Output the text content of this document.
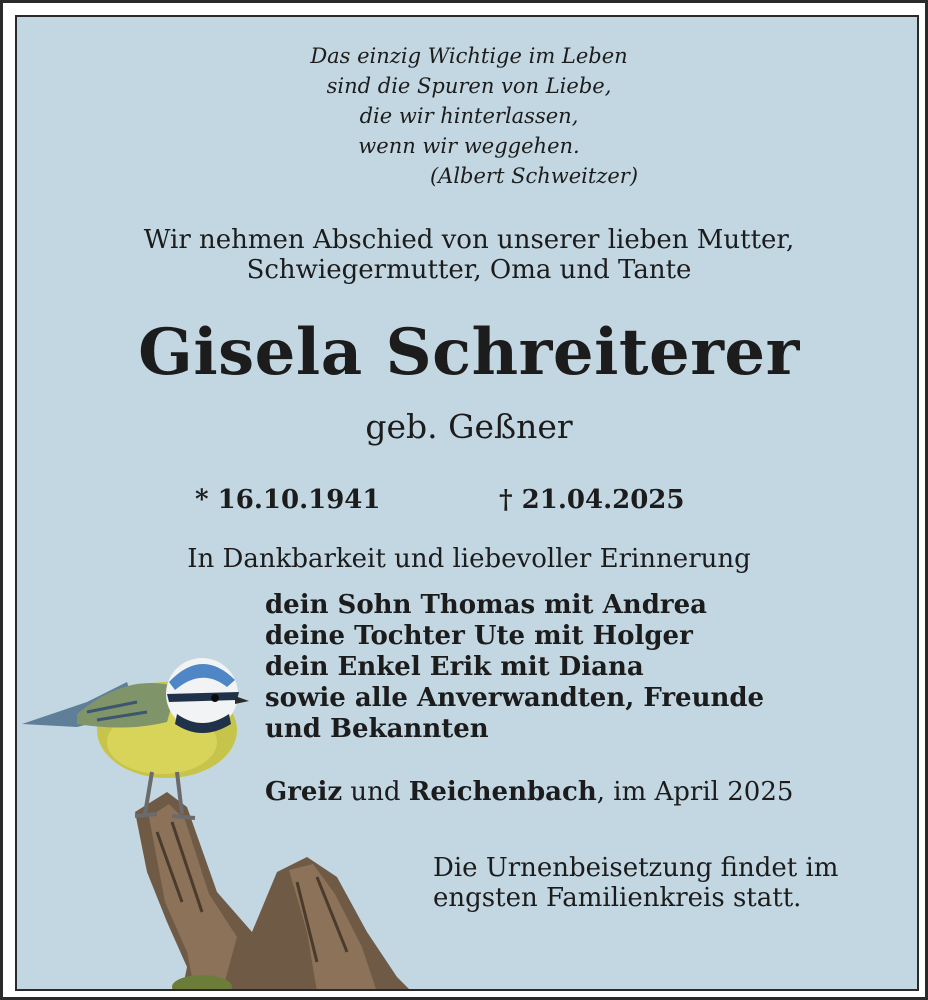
Das einzig Wichtige im Leben
sind die Spuren von Liebe,
die wir hinterlassen,
wenn wir weggehen.
(Albert Schweitzer)
Wir nehmen Abschied von unserer lieben Mutter,
Schwiegermutter, Oma und Tante
Gisela Schreiterer
geb. Geßner
* 16.10.1941	† 21.04.2025
In Dankbarkeit und liebevoller Erinnerung
dein Sohn Thomas mit Andrea
deine Tochter Ute mit Holger
dein Enkel Erik mit Diana
sowie alle Anverwandten, Freunde
und Bekannten
Greiz und Reichenbach, im April 2025
Die Urnenbeisetzung findet im
engsten Familienkreis statt.
